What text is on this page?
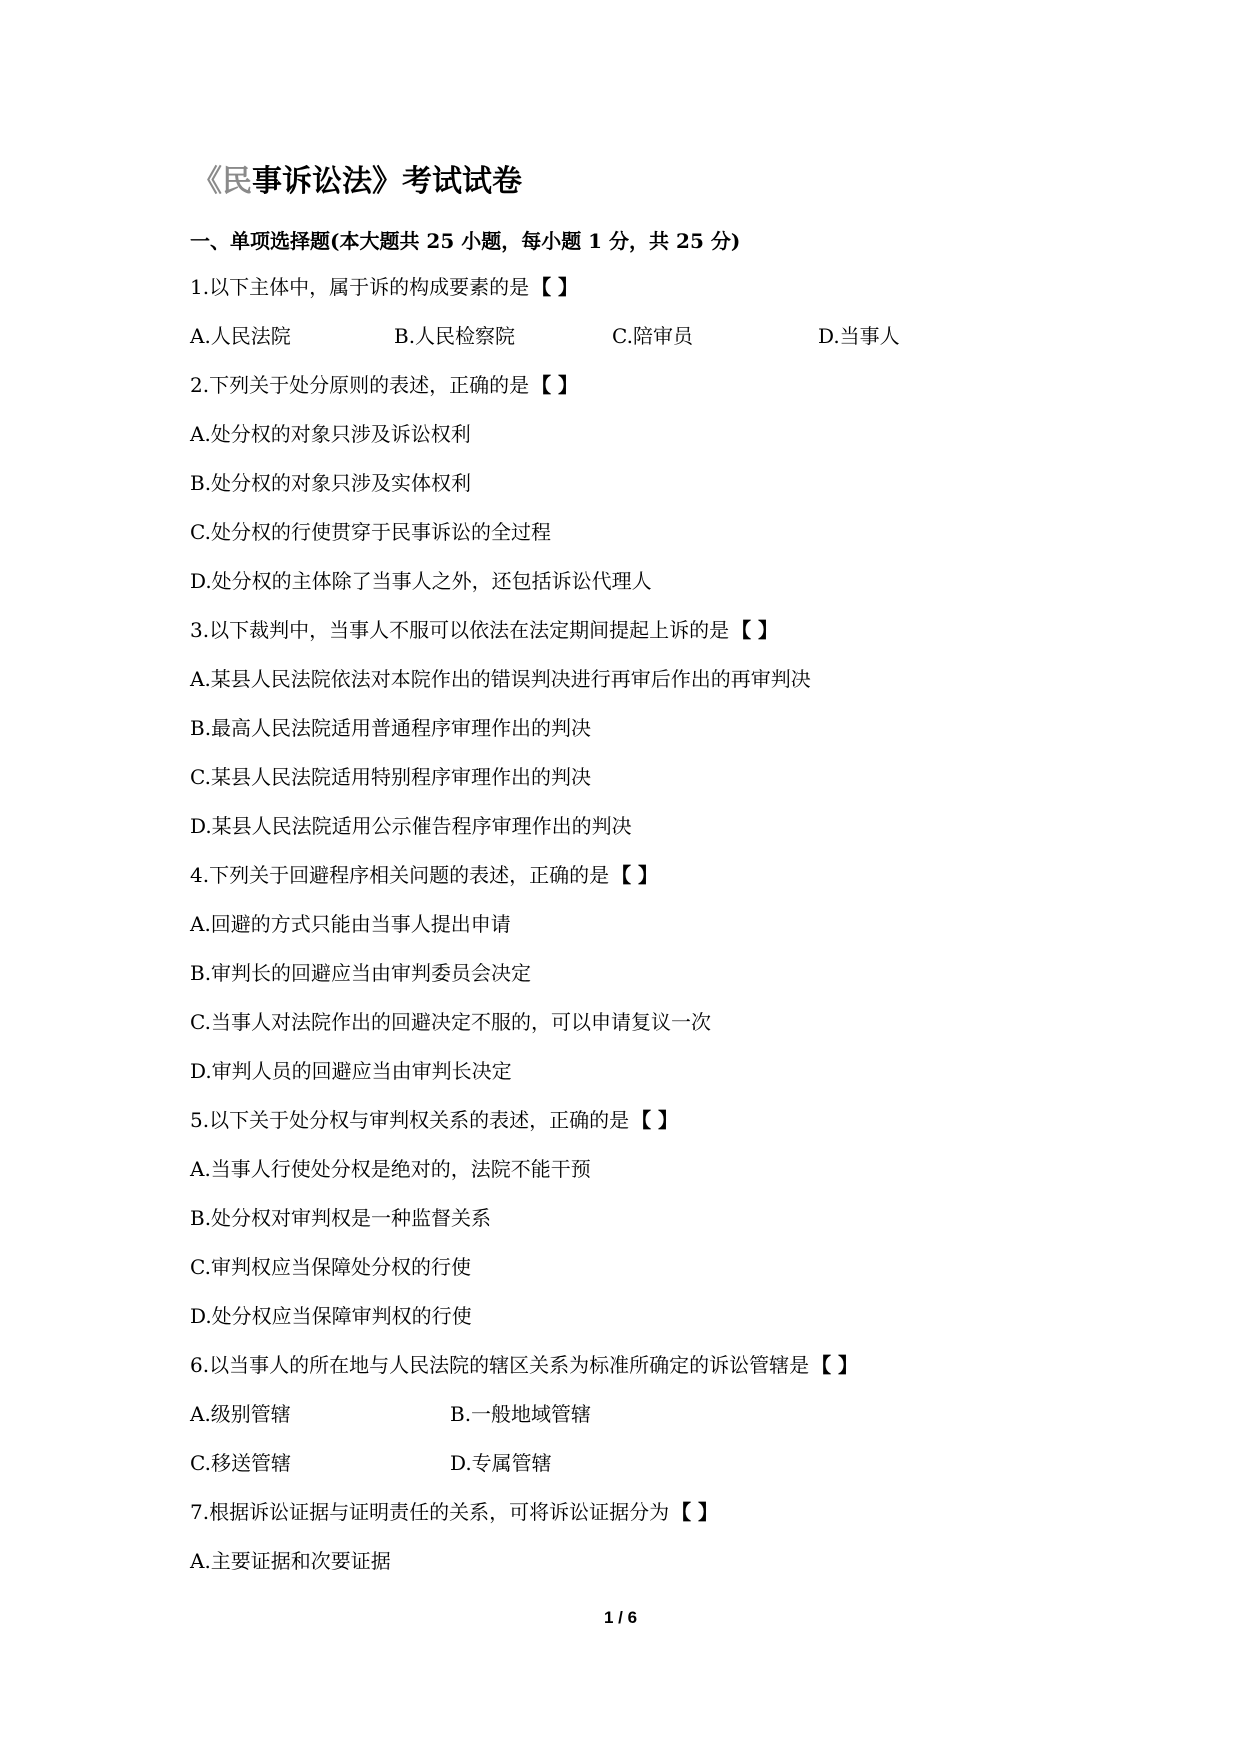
《民事诉讼法》考试试卷
一、单项选择题(本大题共 25 小题，每小题 1 分，共 25 分)
1.以下主体中，属于诉的构成要素的是 【 】
A.人民法院	B.人民检察院	C.陪审员	D.当事人
2.下列关于处分原则的表述，正确的是 【 】
A.处分权的对象只涉及诉讼权利
B.处分权的对象只涉及实体权利
C.处分权的行使贯穿于民事诉讼的全过程
D.处分权的主体除了当事人之外，还包括诉讼代理人
3.以下裁判中，当事人不服可以依法在法定期间提起上诉的是 【 】
A.某县人民法院依法对本院作出的错误判决进行再审后作出的再审判决
B.最高人民法院适用普通程序审理作出的判决
C.某县人民法院适用特别程序审理作出的判决
D.某县人民法院适用公示催告程序审理作出的判决
4.下列关于回避程序相关问题的表述，正确的是 【 】
A.回避的方式只能由当事人提出申请
B.审判长的回避应当由审判委员会决定
C.当事人对法院作出的回避决定不服的，可以申请复议一次
D.审判人员的回避应当由审判长决定
5.以下关于处分权与审判权关系的表述，正确的是 【 】
A.当事人行使处分权是绝对的，法院不能干预
B.处分权对审判权是一种监督关系
C.审判权应当保障处分权的行使
D.处分权应当保障审判权的行使
6.以当事人的所在地与人民法院的辖区关系为标准所确定的诉讼管辖是 【 】
A.级别管辖	B.一般地域管辖
C.移送管辖	D.专属管辖
7.根据诉讼证据与证明责任的关系，可将诉讼证据分为 【 】
A.主要证据和次要证据
1 / 6
